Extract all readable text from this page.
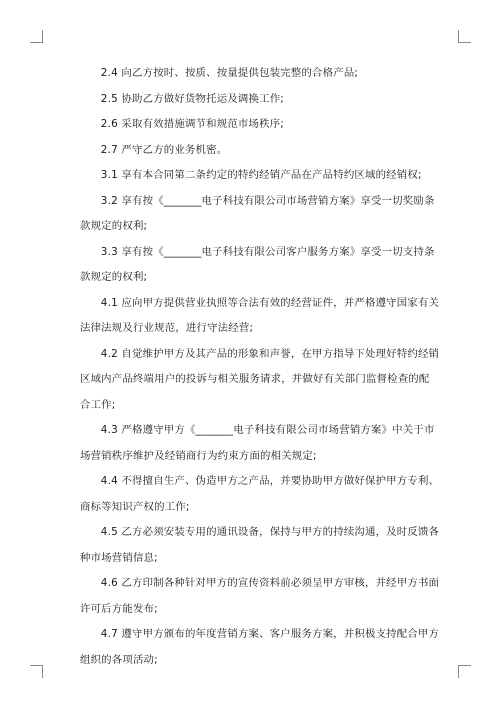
2.4 向乙方按时、按质、按量提供包装完整的合格产品;

2.5 协助乙方做好货物托运及调换工作;

2.6 采取有效措施调节和规范市场秩序;

2.7 严守乙方的业务机密。

3.1 享有本合同第二条约定的特约经销产品在产品特约区域的经销权;

3.2 享有按《_______电子科技有限公司市场营销方案》享受一切奖励条款规定的权利;

3.3 享有按《_______电子科技有限公司客户服务方案》享受一切支持条款规定的权利;

4.1 应向甲方提供营业执照等合法有效的经营证件，并严格遵守国家有关法律法规及行业规范，进行守法经营;

4.2 自觉维护甲方及其产品的形象和声誉，在甲方指导下处理好特约经销区域内产品终端用户的投诉与相关服务请求，并做好有关部门监督检查的配合工作;

4.3 严格遵守甲方《_______电子科技有限公司市场营销方案》中关于市场营销秩序维护及经销商行为约束方面的相关规定;

4.4 不得擅自生产、伪造甲方之产品，并要协助甲方做好保护甲方专利、商标等知识产权的工作;

4.5 乙方必须安装专用的通讯设备，保持与甲方的持续沟通，及时反馈各种市场营销信息;

4.6 乙方印制各种针对甲方的宣传资料前必须呈甲方审核，并经甲方书面许可后方能发布;

4.7 遵守甲方颁布的年度营销方案、客户服务方案，并积极支持配合甲方组织的各项活动;
